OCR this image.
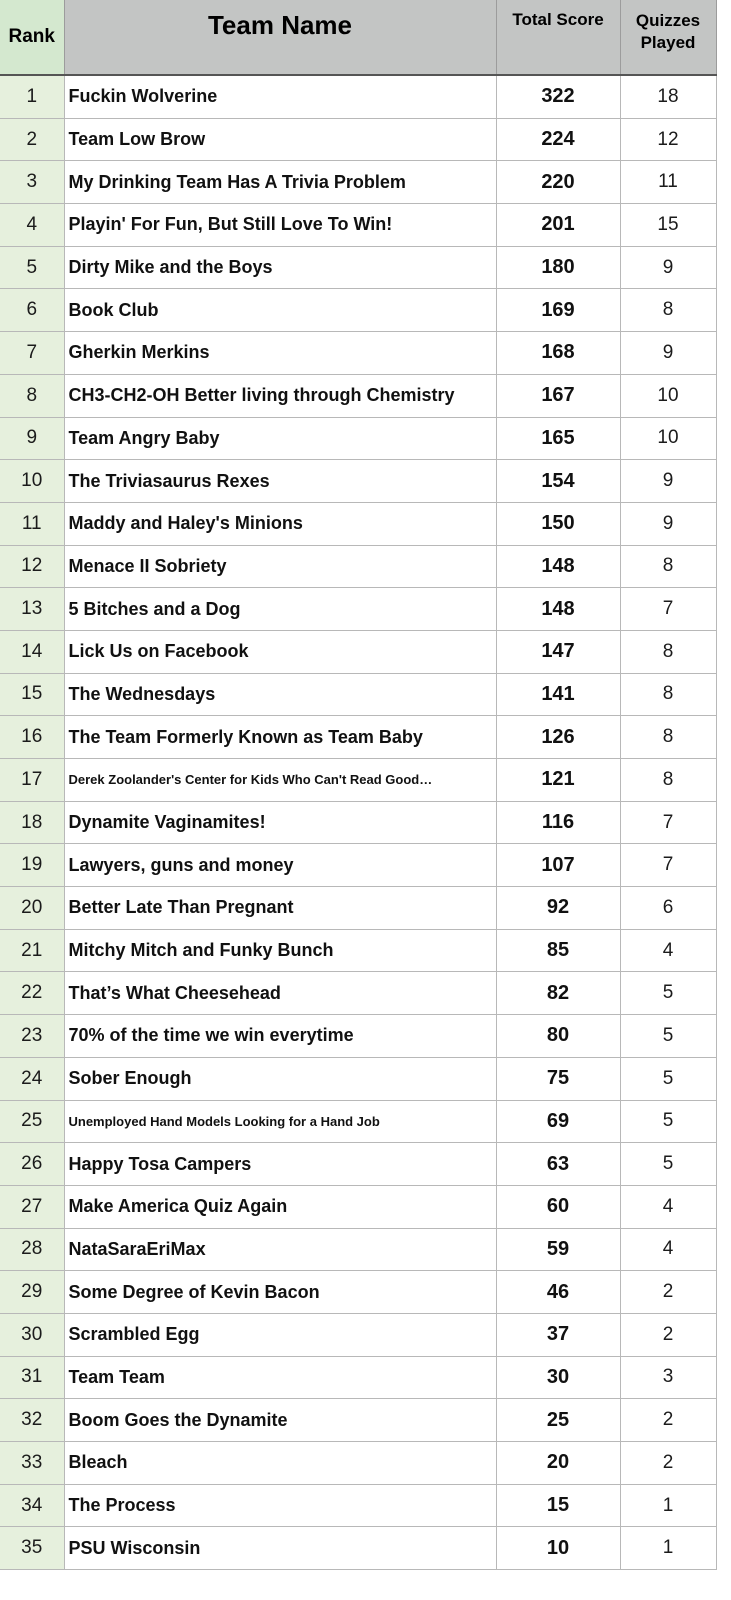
Rank	Team Name	Total Score	Quizzes
Played

1	Fuckin Wolverine	322	18
2	Team Low Brow	224	12
3	My Drinking Team Has A Trivia Problem	220	11
4	Playin' For Fun, But Still Love To Win!	201	15
5	Dirty Mike and the Boys	180	9
6	Book Club	169	8
7	Gherkin Merkins	168	9
8	CH3-CH2-OH Better living through Chemistry	167	10
9	Team Angry Baby	165	10
10	The Triviasaurus Rexes	154	9
11	Maddy and Haley's Minions	150	9
12	Menace II Sobriety	148	8
13	5 Bitches and a Dog	148	7
14	Lick Us on Facebook	147	8
15	The Wednesdays	141	8
16	The Team Formerly Known as Team Baby	126	8
17	Derek Zoolander's Center for Kids Who Can't Read Good…	121	8
18	Dynamite Vaginamites!	116	7
19	Lawyers, guns and money	107	7
20	Better Late Than Pregnant	92	6
21	Mitchy Mitch and Funky Bunch	85	4
22	That’s What Cheesehead	82	5
23	70% of the time we win everytime	80	5
24	Sober Enough	75	5
25	Unemployed Hand Models Looking for a Hand Job	69	5
26	Happy Tosa Campers	63	5
27	Make America Quiz Again	60	4
28	NataSaraEriMax	59	4
29	Some Degree of Kevin Bacon	46	2
30	Scrambled Egg	37	2
31	Team Team	30	3
32	Boom Goes the Dynamite	25	2
33	Bleach	20	2
34	The Process	15	1
35	PSU Wisconsin	10	1
